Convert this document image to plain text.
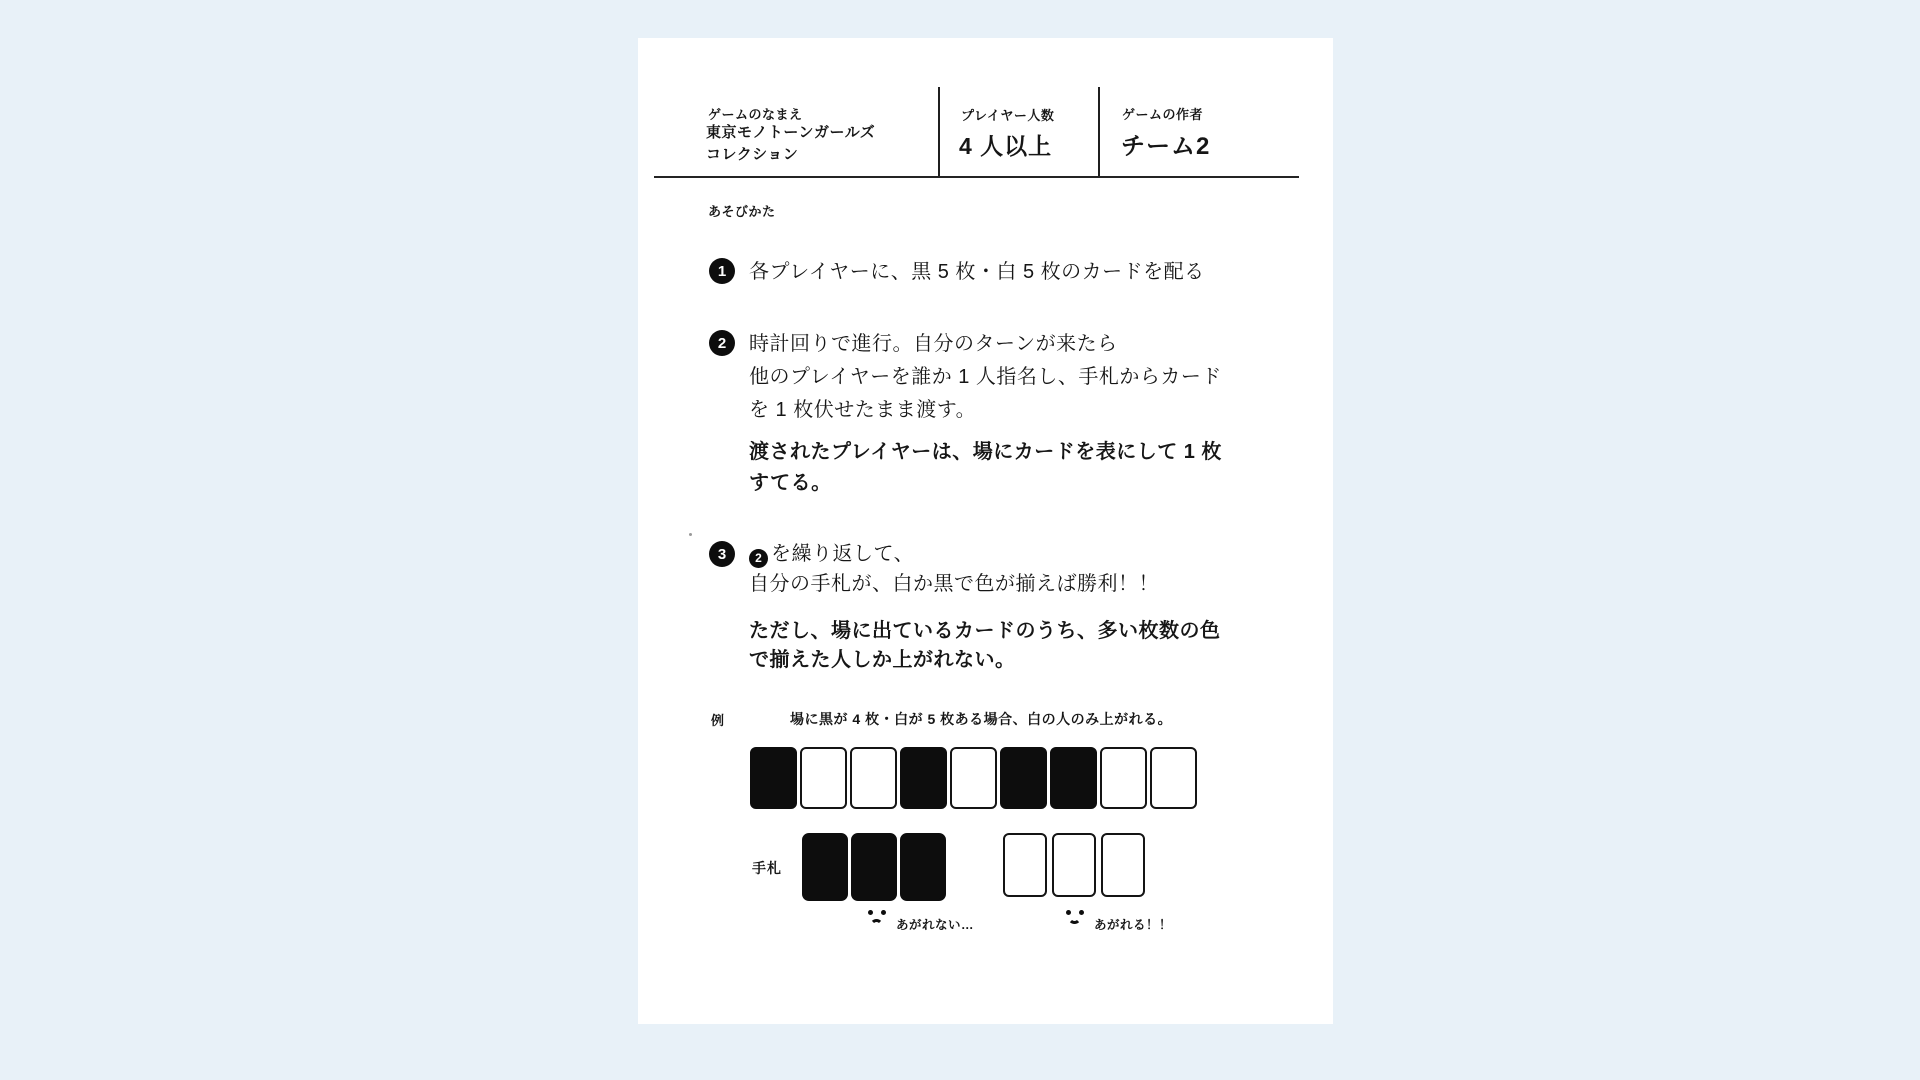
ゲームのなまえ
東京モノトーンガールズ
コレクション
プレイヤー人数
4 人以上
ゲームの作者
チーム2
あそびかた
1	各プレイヤーに、黒 5 枚・白 5 枚のカードを配る
2	時計回りで進行。自分のターンが来たら
他のプレイヤーを誰か 1 人指名し、手札からカード
を 1 枚伏せたまま渡す。
渡されたプレイヤーは、場にカードを表にして 1 枚
すてる。
3	2 を繰り返して、
自分の手札が、白か黒で色が揃えば勝利！！
ただし、場に出ているカードのうち、多い枚数の色
で揃えた人しか上がれない。
例	場に黒が 4 枚・白が 5 枚ある場合、白の人のみ上がれる。
手札
あがれない…	あがれる！！
